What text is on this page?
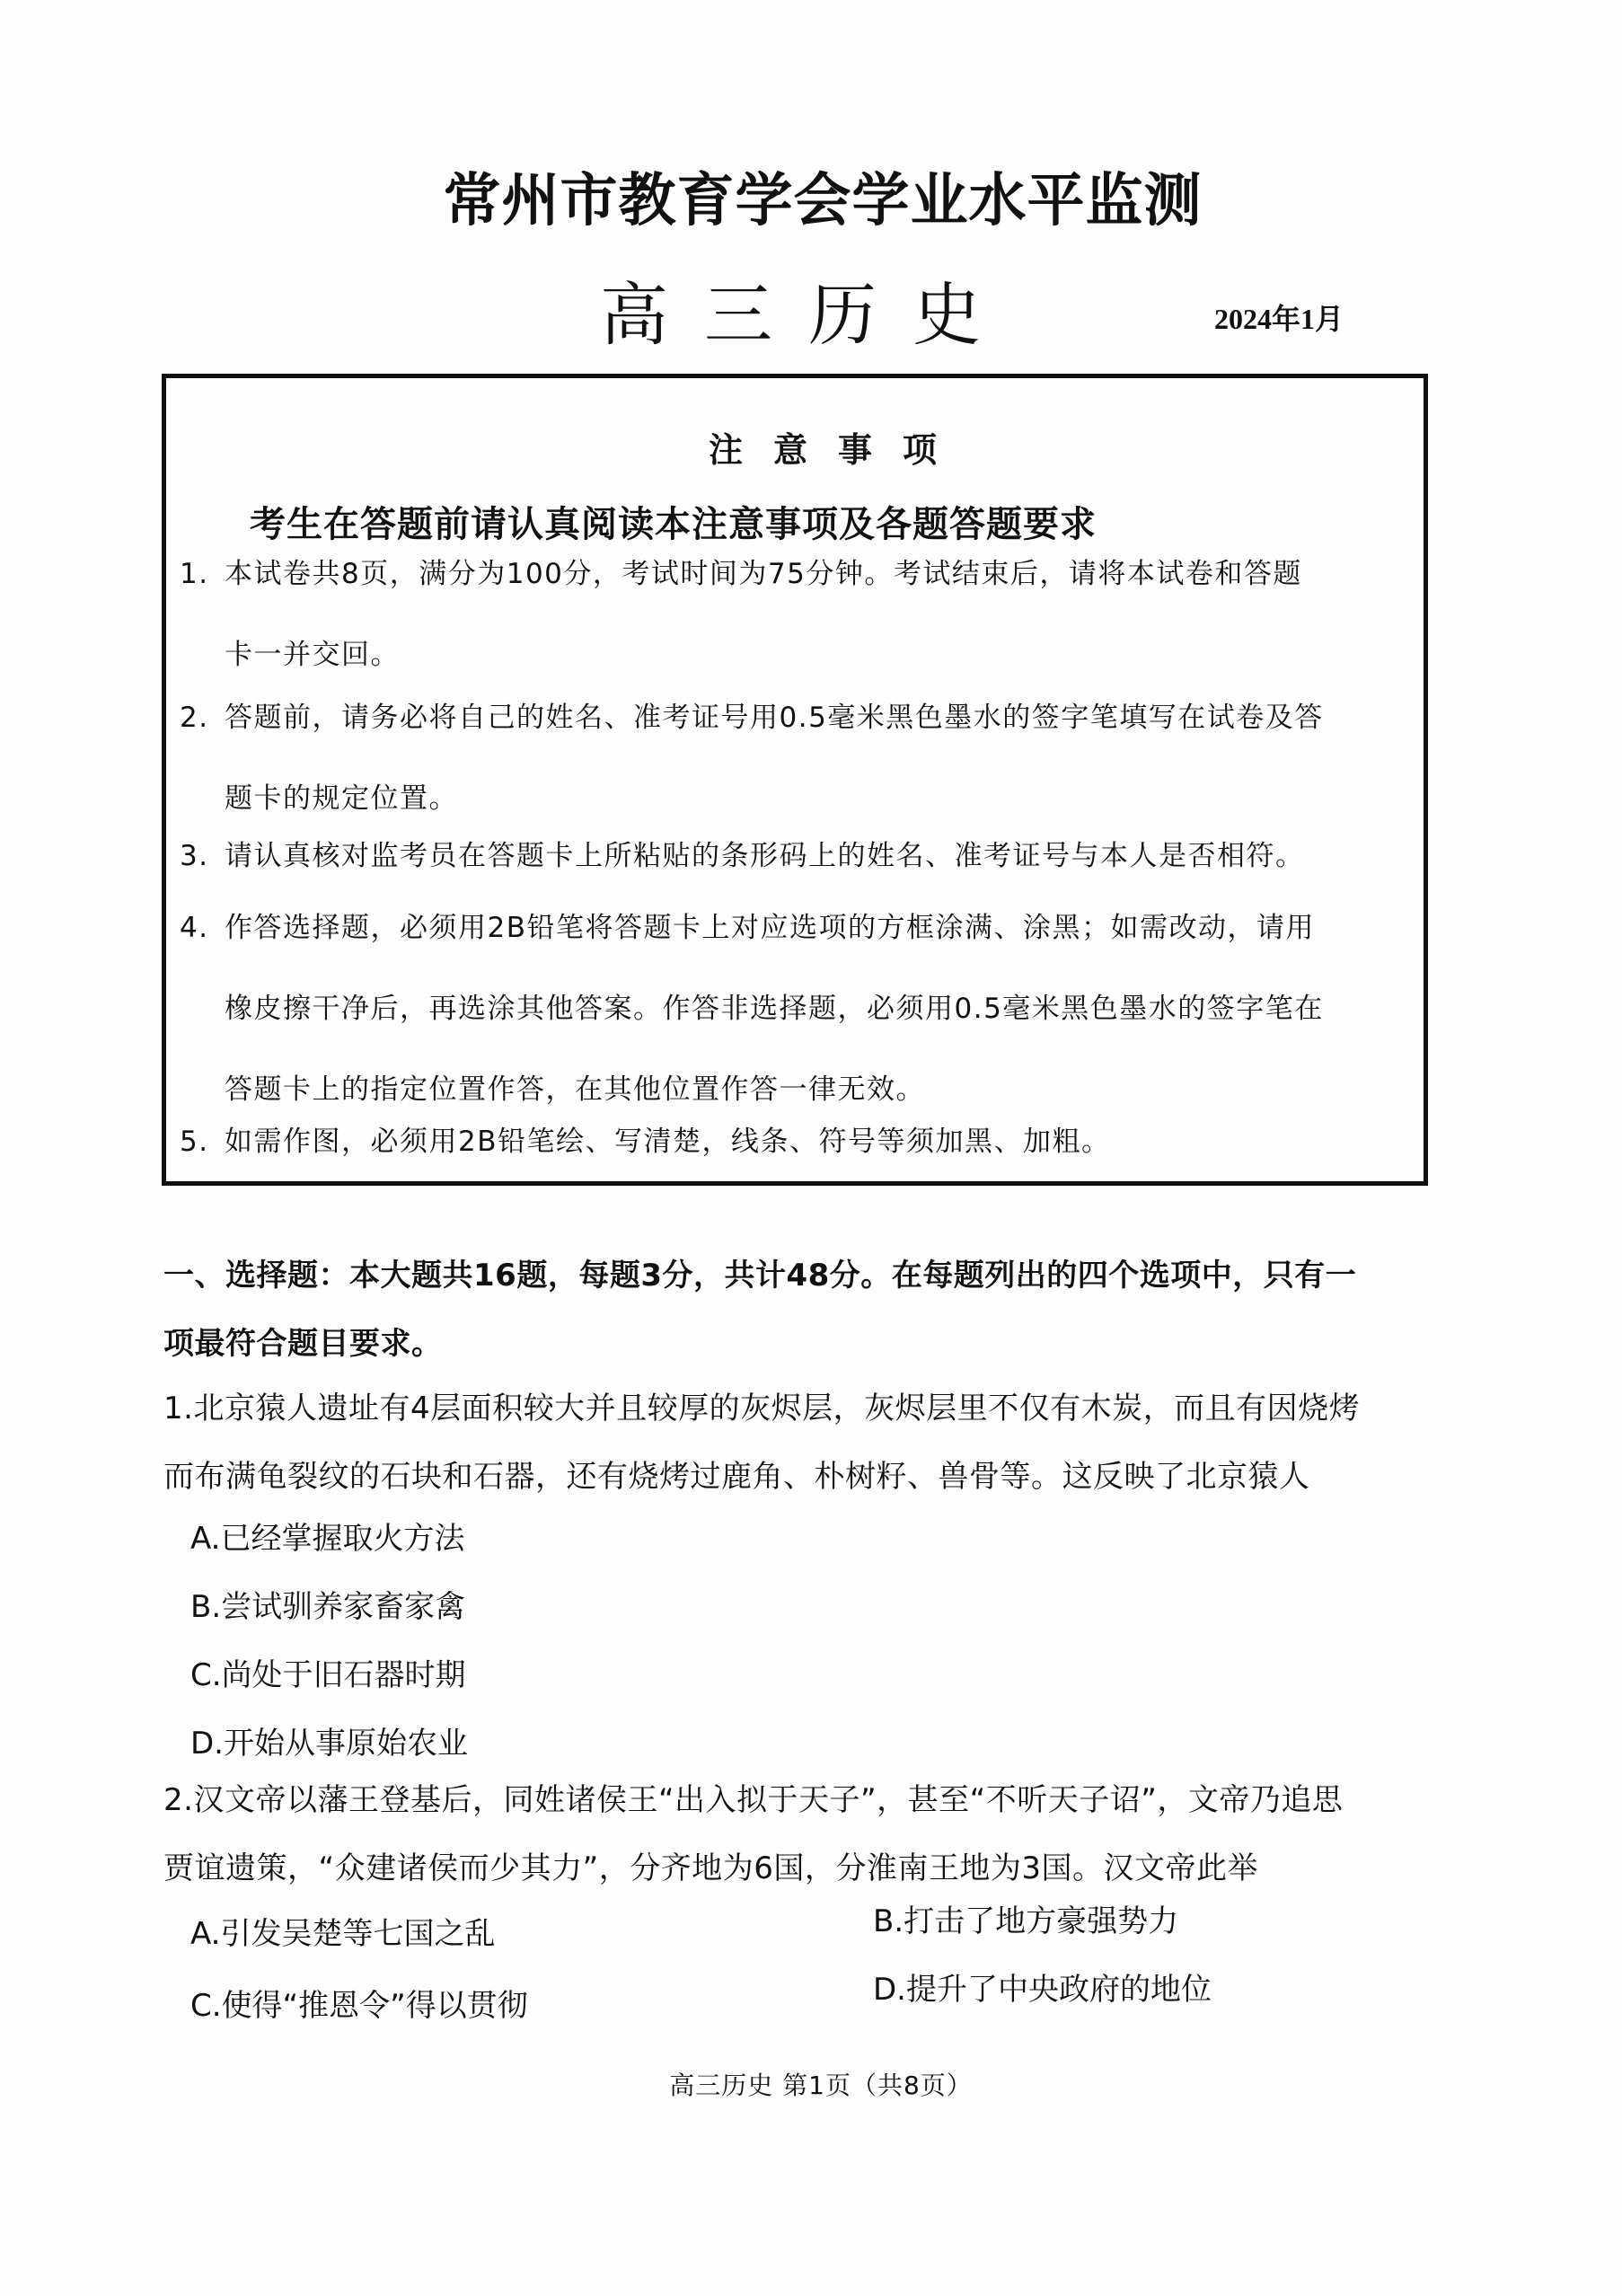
常州市教育学会学业水平监测
高三历史	2024年1月
注意事项
考生在答题前请认真阅读本注意事项及各题答题要求
1. 本试卷共8页，满分为100分，考试时间为75分钟。考试结束后，请将本试卷和答题
卡一并交回。
2. 答题前，请务必将自己的姓名、准考证号用0.5毫米黑色墨水的签字笔填写在试卷及答
题卡的规定位置。
3. 请认真核对监考员在答题卡上所粘贴的条形码上的姓名、准考证号与本人是否相符。
4. 作答选择题，必须用2B铅笔将答题卡上对应选项的方框涂满、涂黑；如需改动，请用
橡皮擦干净后，再选涂其他答案。作答非选择题，必须用0.5毫米黑色墨水的签字笔在
答题卡上的指定位置作答，在其他位置作答一律无效。
5. 如需作图，必须用2B铅笔绘、写清楚，线条、符号等须加黑、加粗。
一、选择题：本大题共16题，每题3分，共计48分。在每题列出的四个选项中，只有一
项最符合题目要求。
1.北京猿人遗址有4层面积较大并且较厚的灰烬层，灰烬层里不仅有木炭，而且有因烧烤
而布满龟裂纹的石块和石器，还有烧烤过鹿角、朴树籽、兽骨等。这反映了北京猿人
A.已经掌握取火方法
B.尝试驯养家畜家禽
C.尚处于旧石器时期
D.开始从事原始农业
2.汉文帝以藩王登基后，同姓诸侯王“出入拟于天子”，甚至“不听天子诏”，文帝乃追思
贾谊遗策，“众建诸侯而少其力”，分齐地为6国，分淮南王地为3国。汉文帝此举
A.引发吴楚等七国之乱	B.打击了地方豪强势力
C.使得“推恩令”得以贯彻	D.提升了中央政府的地位
高三历史 第1页（共8页）
